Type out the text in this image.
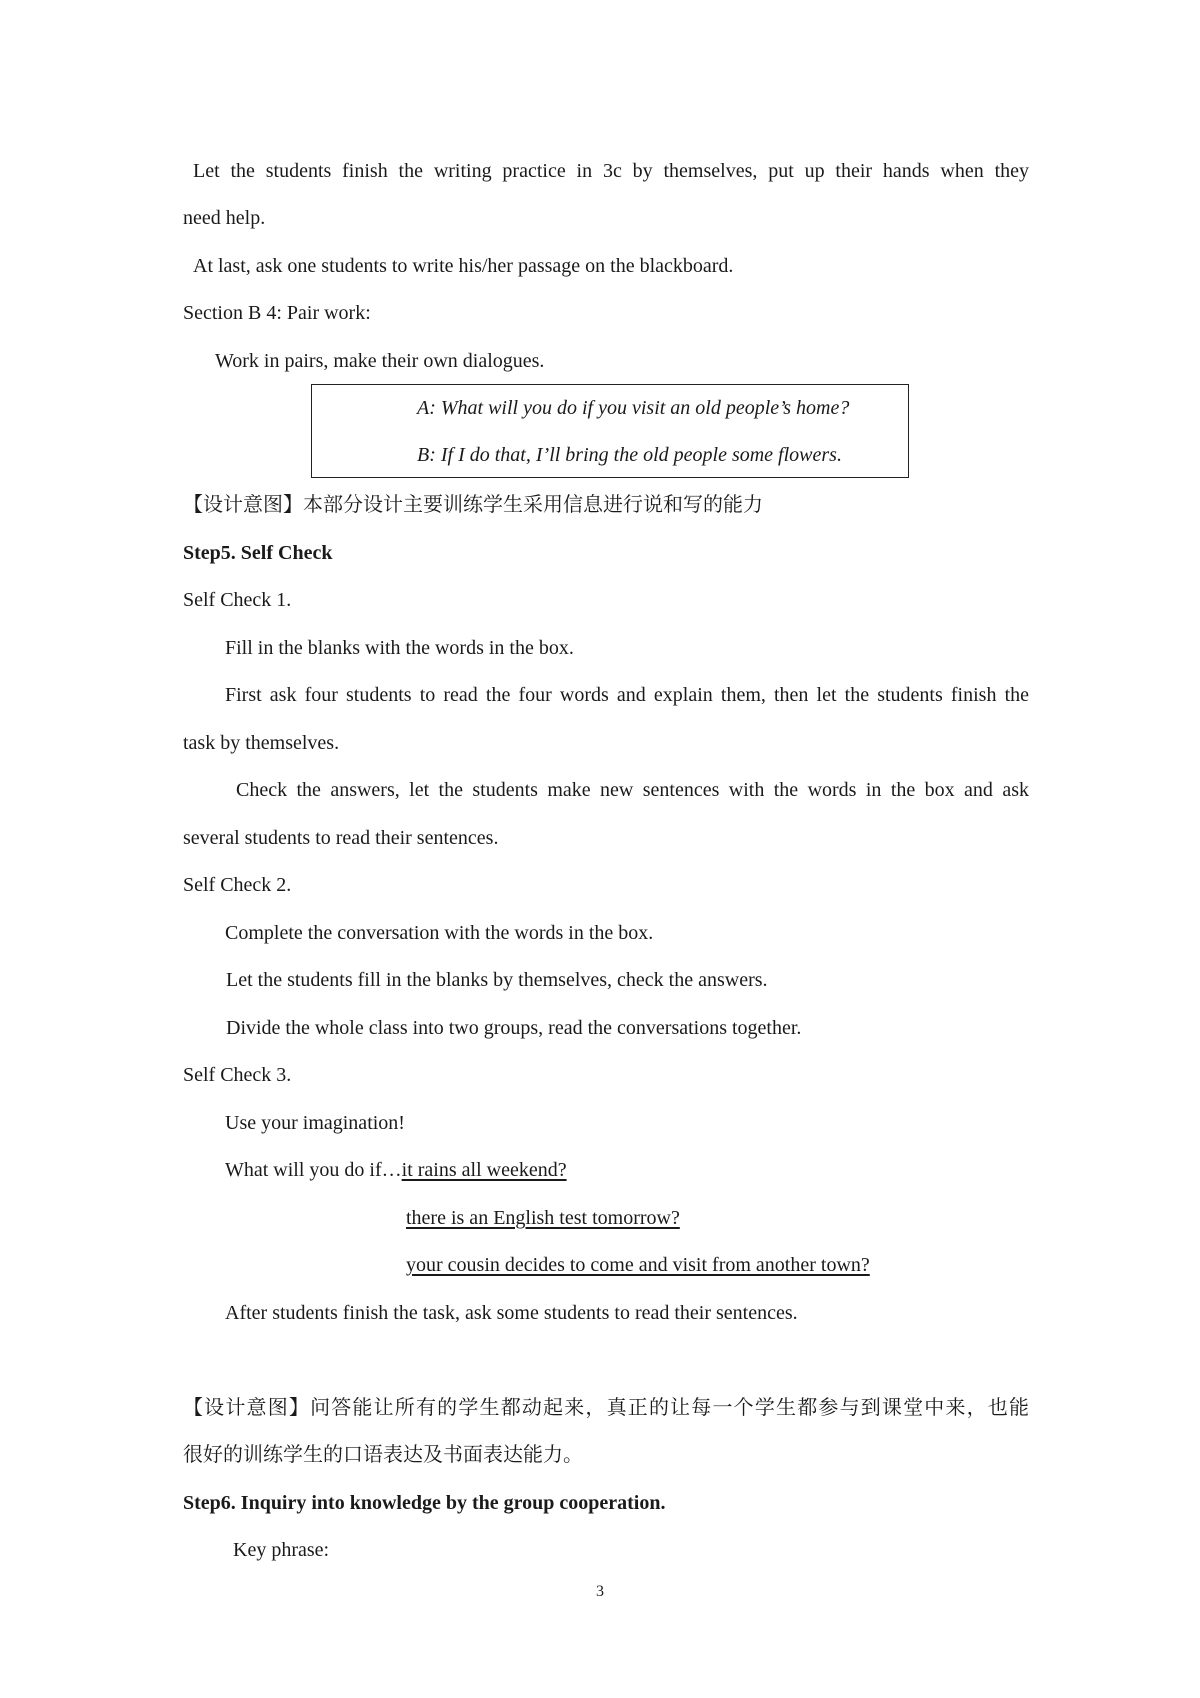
Let the students finish the writing practice in 3c by themselves, put up their hands when they

need help.

At last, ask one students to write his/her passage on the blackboard.

Section B 4: Pair work:

Work in pairs, make their own dialogues.

A: What will you do if you visit an old people’s home?

B: If I do that, I’ll bring the old people some flowers.

【设计意图】本部分设计主要训练学生采用信息进行说和写的能力

Step5. Self Check

Self Check 1.

Fill in the blanks with the words in the box.

First ask four students to read the four words and explain them, then let the students finish the

task by themselves.

Check the answers, let the students make new sentences with the words in the box and ask

several students to read their sentences.

Self Check 2.

Complete the conversation with the words in the box.

Let the students fill in the blanks by themselves, check the answers.

Divide the whole class into two groups, read the conversations together.

Self Check 3.

Use your imagination!

What will you do if…it rains all weekend?

there is an English test tomorrow?

your cousin decides to come and visit from another town?

After students finish the task, ask some students to read their sentences.

【设计意图】问答能让所有的学生都动起来，真正的让每一个学生都参与到课堂中来，也能

很好的训练学生的口语表达及书面表达能力。

Step6. Inquiry into knowledge by the group cooperation.

Key phrase:

3
